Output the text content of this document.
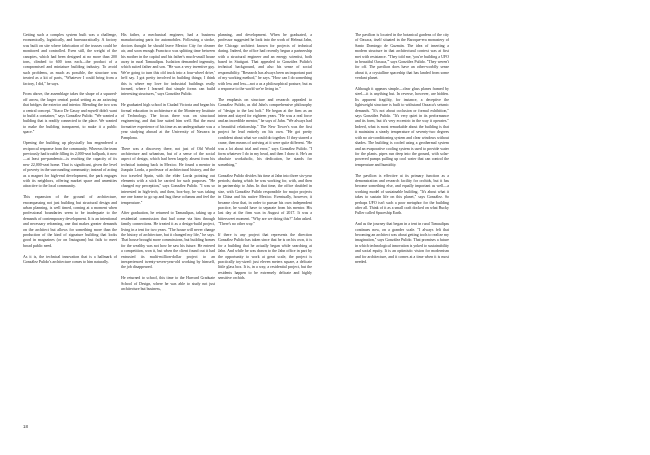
Getting such a complex system built was a challenge, economically, logistically, and bureaucratically. A factory was built on site where fabrication of the trusses could be monitored and controlled. Even still, the weight of the canopies, which had been designed at no more than 200 tons, climbed to 600 tons each—the product of a compromised and miniature building industry. To avoid such problems, as much as possible, the structure was treated as a kit of parts, "Whatever I could bring from a factory, I did," he says.

From above, the assemblage takes the shape of a squared-off arrow, the larger central portal setting as an axiswing that bridges the exterior and interior. Blending the two was a central concept. "Ataco De Gasoy and myself didn't want to build a container," says González Pulido. "We wanted a building that is readily connected to the place. We wanted to make the building transparent, to make it a public space."

Opening the building up physically has engendered a reciprocal response from the community. Whereas the team previously had trouble filling its 2,000-seat ballpark, it now—at least pre-pandemic—is reaching the capacity of its new 22,000-seat home. That is significant, given the level of poverty in the surrounding community; instead of acting as a magnet for high-end development, the park engages with its neighbors, offering market space and amenities attractive to the local community.

This expansion of the ground of architecture, encompassing not just building but structural design and urban planning, is well timed, coming at a moment when professional boundaries seem to be inadequate to the demands of contemporary development. It is an intentional and necessary reframing, one that makes greater demands on the architect but allows for something more than the production of the kind of signature building that looks good in magazines (or on Instagram) but fails to meet broad public need.

As it is, the technical innovation that is a hallmark of González Pulido's architecture comes to him naturally.

His father, a mechanical engineer, had a business manufacturing parts for automobiles. Following a stroke, doctors thought he should leave Mexico City for cleaner air, and soon enough Francisco was splitting time between his mother in the capital and his father's much-small house away in rural Tamaulipas. Isolation demanded ingenuity, which suited father and son. "He was a very inventive guy. We're going to turn this old truck into a four-wheel drive,' he'd say. I got pretty involved in building things; I think this is where my love for industrial buildings really formed, where I learned that simple forms can build interesting structures," says González Pulido.

He graduated high school in Ciudad Victoria and began his formal education in architecture at the Monterrey Institute of Technology. The focus there was on structural engineering, and that line suited him well. But the most formative experience of his time as an undergraduate was a year studying abroad at the University of Navarra in Pamplona.

There was a discovery there, not just of Old World architecture and urbanism, but of a sense of the social aspect of design, which had been largely absent from his technical training back in Mexico. He found a mentor in Joaquín Lorda, a professor of architectural history, and the two traveled Spain, with the elder Lorda pointing out elements with a stick he carried for such purposes. "He changed my perception," says González Pulido. "I was so interested in high-tech, and then, box-boy, he was taking me one frame to go up and hug these columns and feel the temperature."

After graduation, he returned to Tamaulipas, taking up a residential commission that had come via him through family connections. He treated it as a design-build project, living in a tent for two years. "The house will never change the history of architecture, but it changed my life," he says. That house brought more commissions, but building homes for the wealthy was not how he saw his future. He entered a competition, won it, but when the client found out it had entrusted its multi-million-dollar project to an inexperienced twenty-seven-year-old working by himself, the job disappeared.

He returned to school, this time to the Harvard Graduate School of Design, where he was able to study not just architecture but business,

planning, and development. When he graduated, a professor suggested he look into the work of Helmut Jahn, the Chicago architect known for projects of technical daring. Indeed, the office had recently begun a partnership with a structural engineer and an energy scientist, both based in Stuttgart. That appealed to González Pulido's technical background, and also his sense of social responsibility. "Research has always been an important part of my working method," he says. "How can I do something with less and less—not a as a philosophical posture, but as a response to the world we're living in."

The emphasis on structure and research appealed to González Pulido, as did Jahn's comprehensive philosophy of "design to the last bolt." He began at the firm as an intern and stayed for eighteen years. "He was a real force and an incredible mentor," he says of Jahn. "We always had a beautiful relationship." The New Tower's was the first project he lead entirely on his own. "He got pretty confident about what we could do together. If they starred a crane, then means of arriving at it were quite different. "He was a lot about trial and error," says González Pulido. "I form whatever I do in my head, and then I draw it. He's an absolute workaholic, his dedication, he stands for something."

González Pulido divides his time at Jahn into three six-year periods; during which he was working for, with, and then in partnership to Jahn. In that time, the office doubled in size, with González Pulido responsible for major projects in China and his native Mexico. Eventually, however, it became clear that, in order to pursue his own independent practice, he would have to separate from his mentor. His last day at the firm was in August of 2017. It was a bittersweet moment. "Why are we doing this?" Jahn asked. "There's no other way."

If there is any project that represents the direction González Pulido has taken since that he is on his own, it is for a building that he actually began while searching at Jahn. And while he was drawn to the Jahn office in part by the opportunity to work at great scale, the project is practically toy-sized: just eleven meters square, a delicate little glass box. It is, in a way, a residential project, but the residents happen to be extremely delicate and highly sensitive orchids.

18

The pavilion is located in the botanical gardens of the city of Oaxaca, itself situated in the Baroque-era monastery of Santo Domingo de Guzmán. The idea of inserting a modern structure in that architectural context was at first met with resistance. "They told me, 'you're building a UFO in beautiful Oaxaca,'" says González Pulido. "They weren't for off. The pavilion does have an other-worldly sense about it, a crystalline spaceship that has landed from some verdant planet.

Although it appears simple—clear glass planes framed by steel—it is anything but. In reverse, however, are hidden. Its apparent fragility, for instance, a deceptive the lightweight structure is built to withstand Oaxaca's seismic demands. "It's not about occlusion or formal exhibition," says González Pulido. "It's very quiet in its performance and its form, but it's very eccentric in the way it operates." Indeed, what is most remarkable about the building is that it maintains a steady temperature of seventy-two degrees with no air-conditioning system and clear windows without shades. The building is cooled using a geothermal system and an evaporative cooling system is used to provide water for the plants. pipes run deep into the ground, with solar-powered pumps pulling up cool water that can control the temperature and humidity.

The pavilion is effective at its primary function as a demonstration and research facility for orchids, but it has become something else, and equally important as well—a working model of sustainable building. "It's about what it takes to sustain life on this planet," says González. So perhaps UFO isn't such a poor metaphor for the building after all. Think of it as a small craft docked on what Bucky Fuller called Spaceship Earth.

And as the journey that began in a tent in rural Tamaulipas continues now, on a grander scale. "I always felt that becoming an architect was about getting tools to realize my imagination," says González Pulido. That promises a future in which technological innovation is yoked to sustainability and social equity. It is an optimistic vision for modernism and for architecture, and it comes at a time when it is most needed.
